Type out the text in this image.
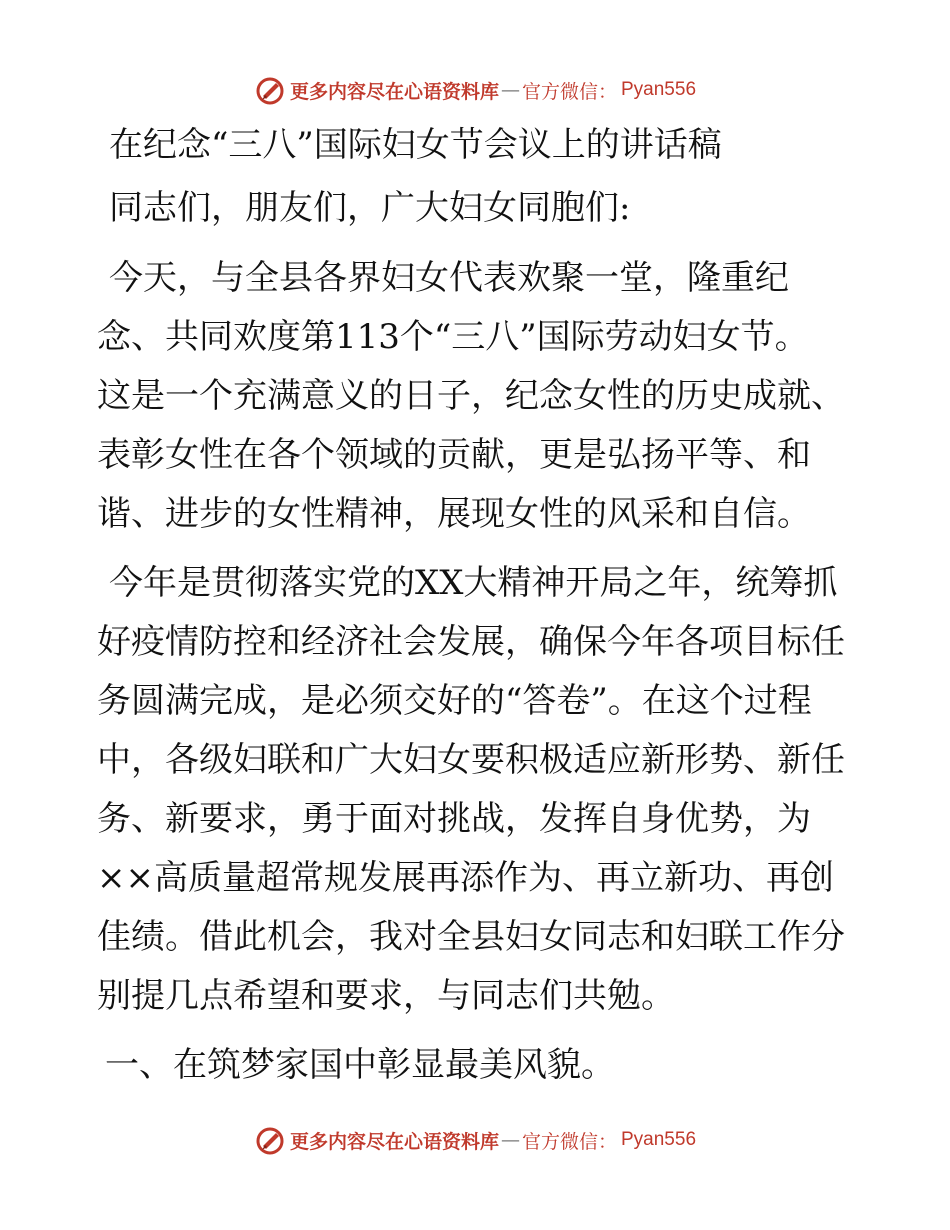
更多内容尽在心语资料库 — 官方微信： Pyan556
在纪念“三八”国际妇女节会议上的讲话稿
同志们，朋友们，广大妇女同胞们:
今天，与全县各界妇女代表欢聚一堂，隆重纪
念、共同欢度第113个“三八”国际劳动妇女节。
这是一个充满意义的日子，纪念女性的历史成就、
表彰女性在各个领域的贡献，更是弘扬平等、和
谐、进步的女性精神，展现女性的风采和自信。
今年是贯彻落实党的XX大精神开局之年，统筹抓
好疫情防控和经济社会发展，确保今年各项目标任
务圆满完成，是必须交好的“答卷”。在这个过程
中，各级妇联和广大妇女要积极适应新形势、新任
务、新要求，勇于面对挑战，发挥自身优势，为
××高质量超常规发展再添作为、再立新功、再创
佳绩。借此机会，我对全县妇女同志和妇联工作分
别提几点希望和要求，与同志们共勉。
一、在筑梦家国中彰显最美风貌。
更多内容尽在心语资料库 — 官方微信： Pyan556
